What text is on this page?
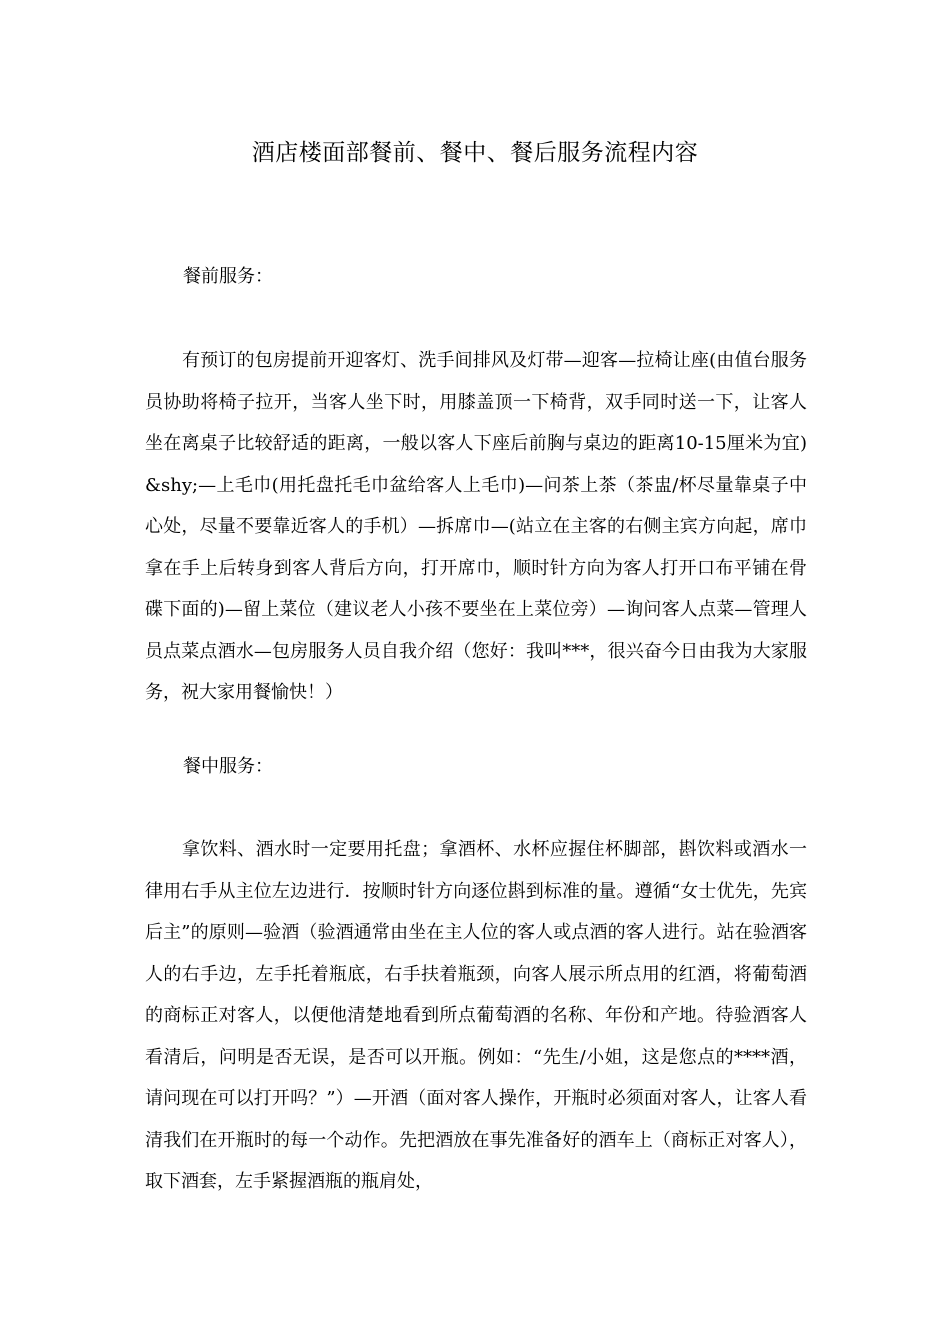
酒店楼面部餐前、餐中、餐后服务流程内容

餐前服务：

有预订的包房提前开迎客灯、洗手间排风及灯带—迎客—拉椅让座(由值台服务员协助将椅子拉开，当客人坐下时，用膝盖顶一下椅背，双手同时送一下，让客人坐在离桌子比较舒适的距离，一般以客人下座后前胸与桌边的距离10-15厘米为宜)&shy;—上毛巾(用托盘托毛巾盆给客人上毛巾)—问茶上茶（茶盅/杯尽量靠桌子中心处，尽量不要靠近客人的手机）—拆席巾—(站立在主客的右侧主宾方向起，席巾拿在手上后转身到客人背后方向，打开席巾，顺时针方向为客人打开口布平铺在骨碟下面的)—留上菜位（建议老人小孩不要坐在上菜位旁）—询问客人点菜—管理人员点菜点酒水—包房服务人员自我介绍（您好：我叫***，很兴奋今日由我为大家服务，祝大家用餐愉快！）

餐中服务：

拿饮料、酒水时一定要用托盘；拿酒杯、水杯应握住杯脚部，斟饮料或酒水一律用右手从主位左边进行．按顺时针方向逐位斟到标准的量。遵循“女士优先，先宾后主”的原则—验酒（验酒通常由坐在主人位的客人或点酒的客人进行。站在验酒客人的右手边，左手托着瓶底，右手扶着瓶颈，向客人展示所点用的红酒，将葡萄酒的商标正对客人，以便他清楚地看到所点葡萄酒的名称、年份和产地。待验酒客人看清后，问明是否无误，是否可以开瓶。例如：“先生/小姐，这是您点的****酒，请问现在可以打开吗？”）—开酒（面对客人操作，开瓶时必须面对客人，让客人看清我们在开瓶时的每一个动作。先把酒放在事先准备好的酒车上（商标正对客人），取下酒套，左手紧握酒瓶的瓶肩处，
